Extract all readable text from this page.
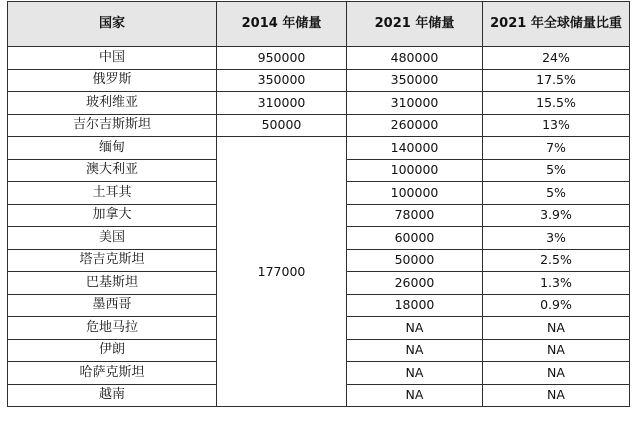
国家	2014 年储量	2021 年储量	2021 年全球储量比重
中国	950000	480000	24%
俄罗斯	350000	350000	17.5%
玻利维亚	310000	310000	15.5%
吉尔吉斯斯坦	50000	260000	13%
缅甸	177000	140000	7%
澳大利亚		100000	5%
土耳其		100000	5%
加拿大		78000	3.9%
美国		60000	3%
塔吉克斯坦		50000	2.5%
巴基斯坦		26000	1.3%
墨西哥		18000	0.9%
危地马拉		NA	NA
伊朗		NA	NA
哈萨克斯坦		NA	NA
越南		NA	NA
